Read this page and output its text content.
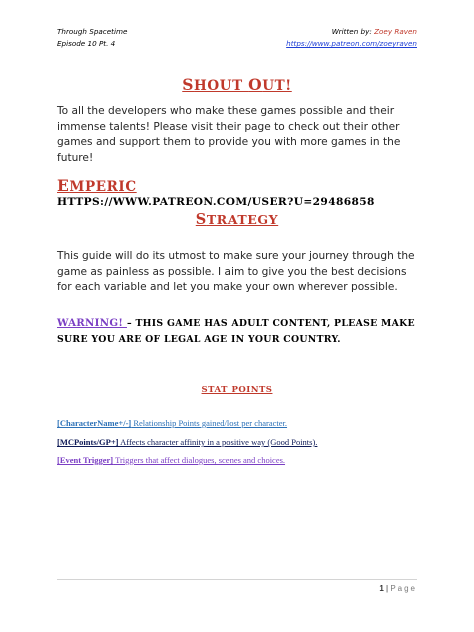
Through Spacetime
Episode 10 Pt. 4
Written by: Zoey Raven
https://www.patreon.com/zoeyraven
SHOUT OUT!

To all the developers who make these games possible and their immense talents! Please visit their page to check out their other games and support them to provide you with more games in the future!

EMPERIC
HTTPS://WWW.PATREON.COM/USER?U=29486858
STRATEGY

This guide will do its utmost to make sure your journey through the game as painless as possible. I aim to give you the best decisions for each variable and let you make your own wherever possible.

WARNING! – THIS GAME HAS ADULT CONTENT, PLEASE MAKE SURE YOU ARE OF LEGAL AGE IN YOUR COUNTRY.

STAT POINTS
[CharacterName+/-] Relationship Points gained/lost per character.
[MCPoints/GP+] Affects character affinity in a positive way (Good Points).
[Event Trigger] Triggers that affect dialogues, scenes and choices.
1 | Page
